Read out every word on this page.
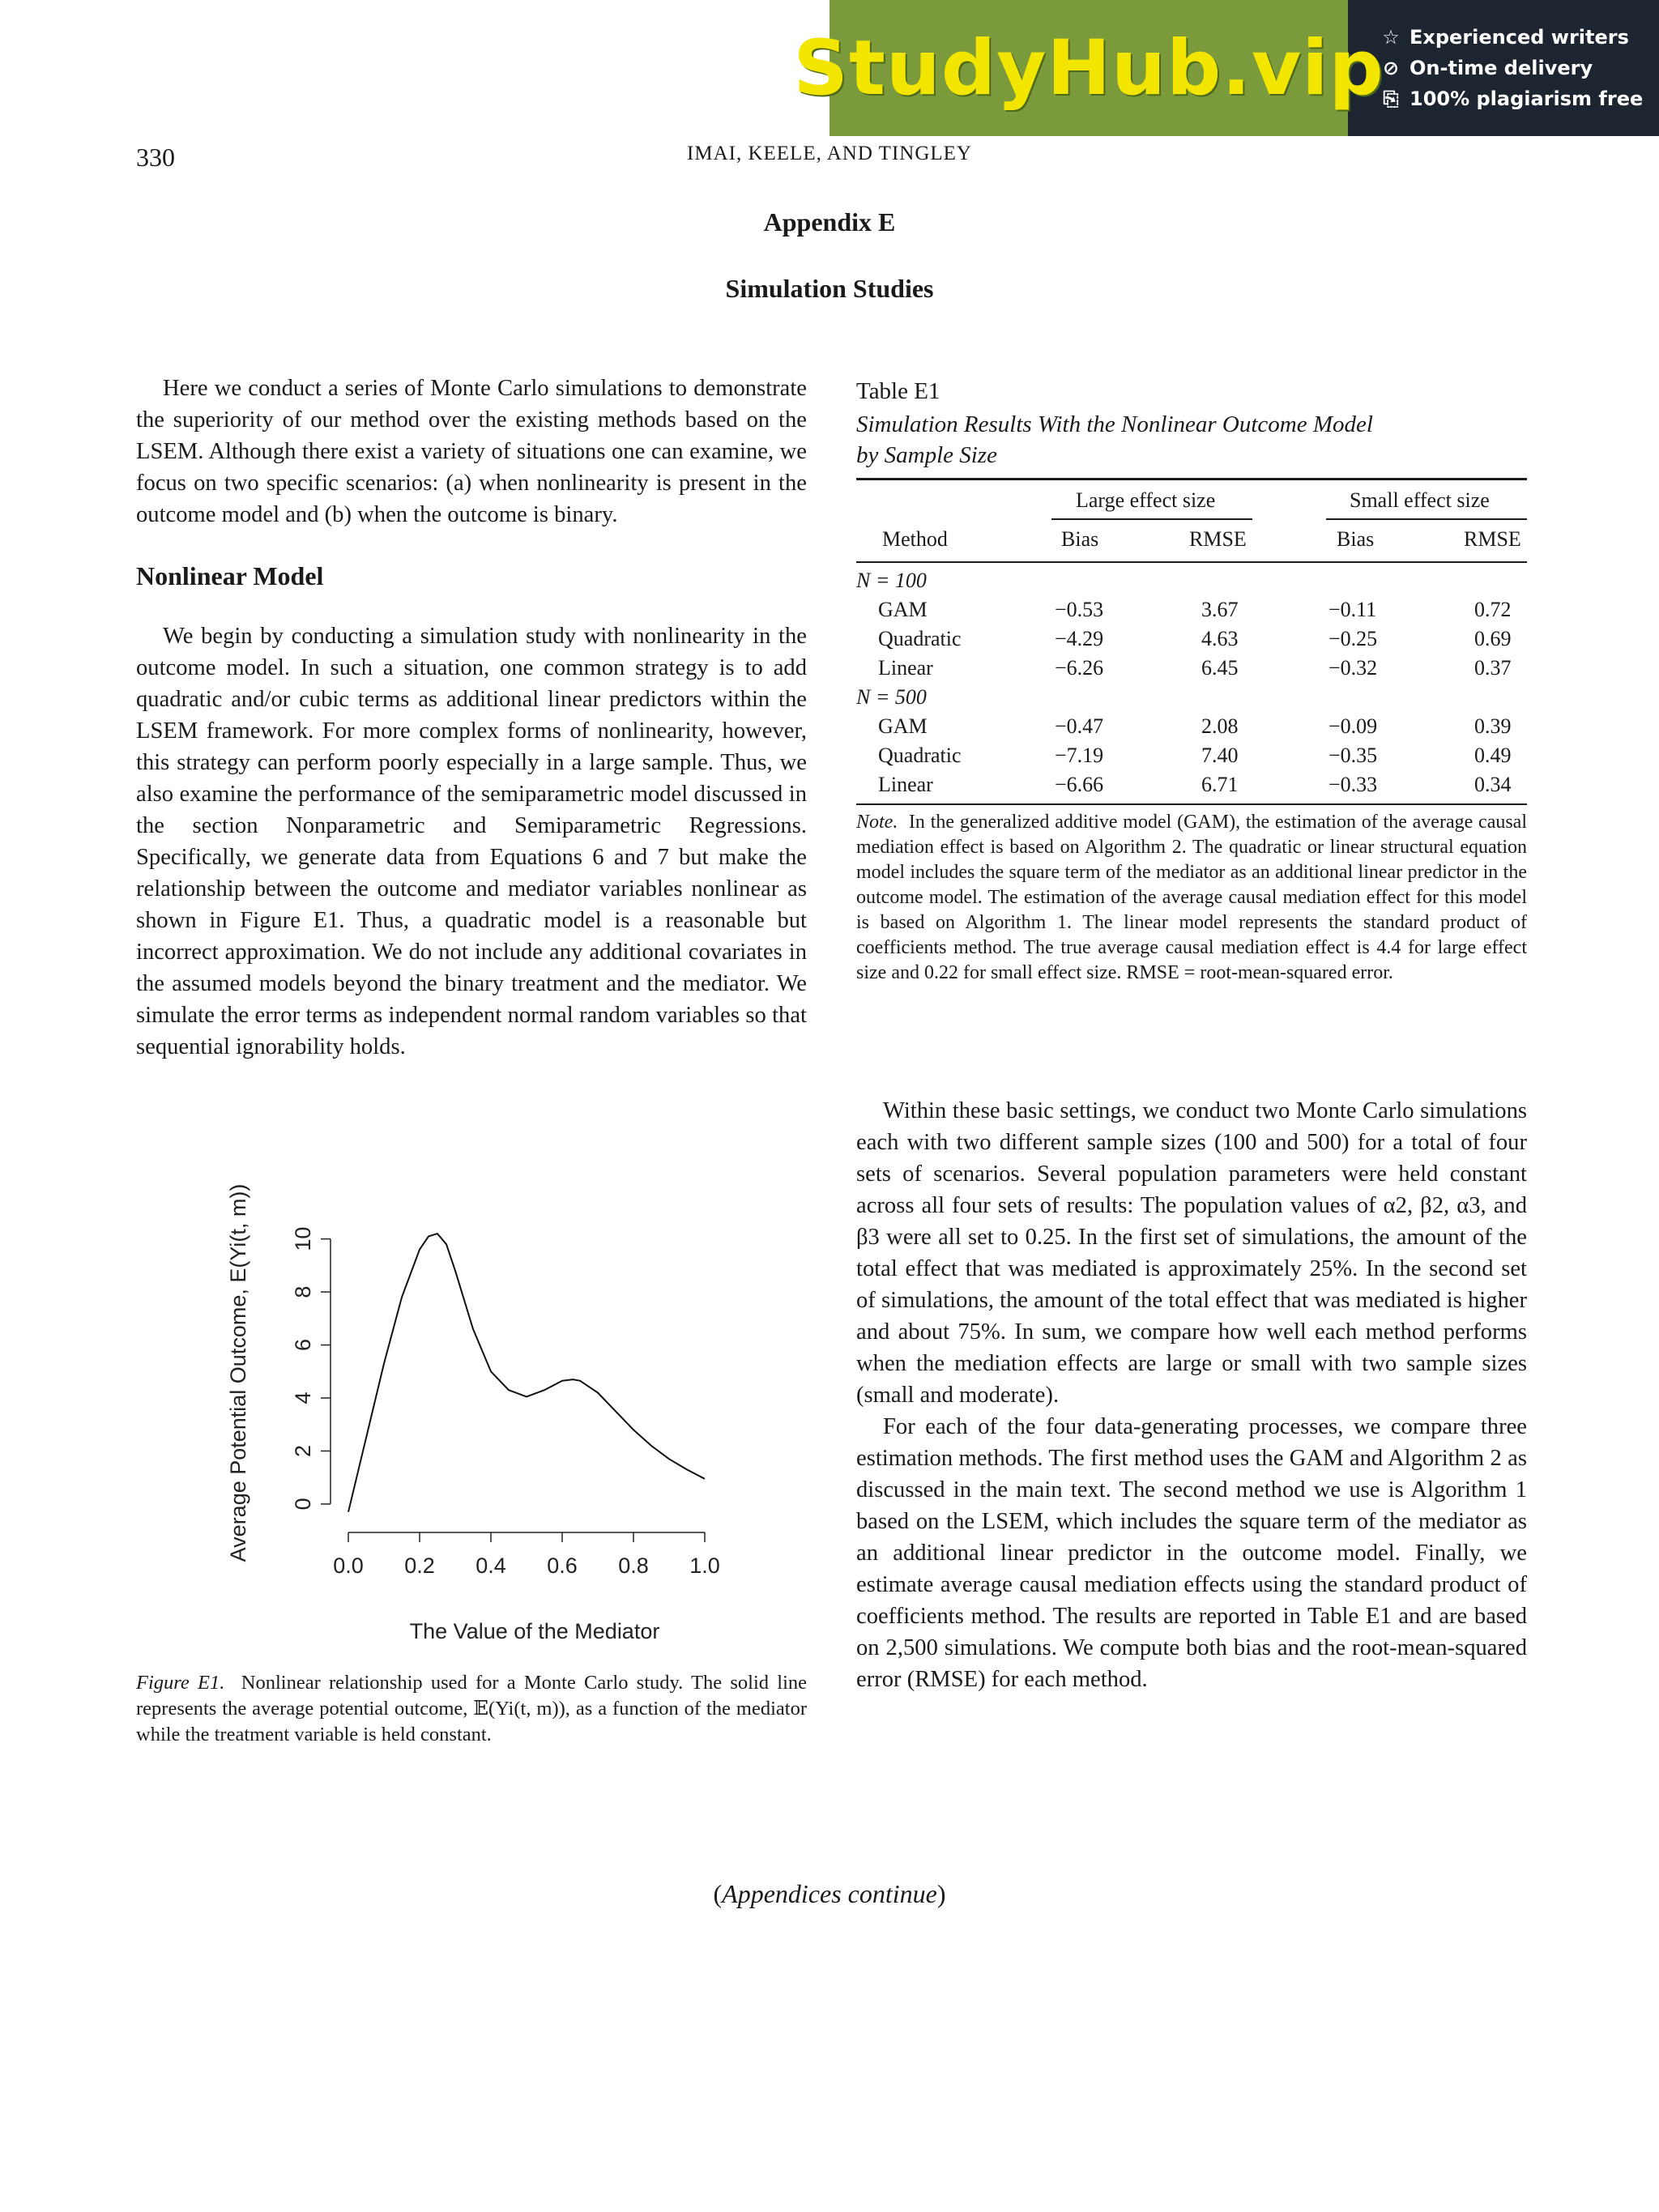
StudyHub.vip
☆ Experienced writers
⊘ On-time delivery
⎘ 100% plagiarism free
330	IMAI, KEELE, AND TINGLEY
Appendix E
Simulation Studies

Here we conduct a series of Monte Carlo simulations to demonstrate the superiority of our method over the existing methods based on the LSEM. Although there exist a variety of situations one can examine, we focus on two specific scenarios: (a) when nonlinearity is present in the outcome model and (b) when the outcome is binary.

Nonlinear Model

We begin by conducting a simulation study with nonlinearity in the outcome model. In such a situation, one common strategy is to add quadratic and/or cubic terms as additional linear predictors within the LSEM framework. For more complex forms of nonlinearity, however, this strategy can perform poorly especially in a large sample. Thus, we also examine the performance of the semiparametric model discussed in the section Nonparametric and Semiparametric Regressions. Specifically, we generate data from Equations 6 and 7 but make the relationship between the outcome and mediator variables nonlinear as shown in Figure E1. Thus, a quadratic model is a reasonable but incorrect approximation. We do not include any additional covariates in the assumed models beyond the binary treatment and the mediator. We simulate the error terms as independent normal random variables so that sequential ignorability holds.

0.0 0.2 0.4 0.6 0.8 1.0
0
2
4
6
8
10
The Value of the Mediator
Average Potential Outcome, E(Yi(t, m))
Figure E1. Nonlinear relationship used for a Monte Carlo study. The solid line represents the average potential outcome, 𝔼(Yi(t, m)), as a function of the mediator while the treatment variable is held constant.
Table E1
Simulation Results With the Nonlinear Outcome Model
by Sample Size
Large effect size	Small effect size
Method	Bias	RMSE	Bias	RMSE
N = 100
GAM	−0.53	3.67	−0.11	0.72
Quadratic	−4.29	4.63	−0.25	0.69
Linear	−6.26	6.45	−0.32	0.37
N = 500
GAM	−0.47	2.08	−0.09	0.39
Quadratic	−7.19	7.40	−0.35	0.49
Linear	−6.66	6.71	−0.33	0.34
Note. In the generalized additive model (GAM), the estimation of the average causal mediation effect is based on Algorithm 2. The quadratic or linear structural equation model includes the square term of the mediator as an additional linear predictor in the outcome model. The estimation of the average causal mediation effect for this model is based on Algorithm 1. The linear model represents the standard product of coefficients method. The true average causal mediation effect is 4.4 for large effect size and 0.22 for small effect size. RMSE = root-mean-squared error.

Within these basic settings, we conduct two Monte Carlo simulations each with two different sample sizes (100 and 500) for a total of four sets of scenarios. Several population parameters were held constant across all four sets of results: The population values of α2, β2, α3, and β3 were all set to 0.25. In the first set of simulations, the amount of the total effect that was mediated is approximately 25%. In the second set of simulations, the amount of the total effect that was mediated is higher and about 75%. In sum, we compare how well each method performs when the mediation effects are large or small with two sample sizes (small and moderate).

For each of the four data-generating processes, we compare three estimation methods. The first method uses the GAM and Algorithm 2 as discussed in the main text. The second method we use is Algorithm 1 based on the LSEM, which includes the square term of the mediator as an additional linear predictor in the outcome model. Finally, we estimate average causal mediation effects using the standard product of coefficients method. The results are reported in Table E1 and are based on 2,500 simulations. We compute both bias and the root-mean-squared error (RMSE) for each method.

(Appendices continue)
